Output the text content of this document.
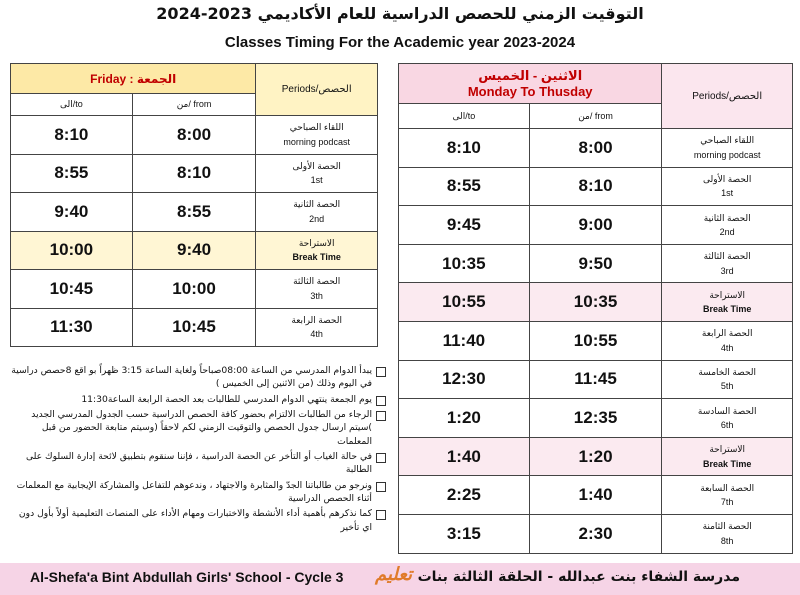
التوقيت الزمني للحصص الدراسية للعام الأكاديمي 2023-2024
Classes Timing For the Academic year 2023-2024
Friday : الجمعة		Periods/الحصص
الى/to	من/ from	
8:10	8:00	اللقاء الصباحي
morning podcast

8:55	8:10	الحصة الأولى
1st

9:40	8:55	الحصة الثانية
2nd

10:00	9:40	الاستراحة
Break Time

10:45	10:00	الحصة الثالثة
3th

11:30	10:45	الحصة الرابعة
4th
الاثنين - الخميس
Monday To Thusday		Periods/الحصص
الى/to	من/ from	
8:10	8:00	اللقاء الصباحي
morning podcast

8:55	8:10	الحصة الأولى
1st

9:45	9:00	الحصة الثانية
2nd

10:35	9:50	الحصة الثالثة
3rd

10:55	10:35	الاستراحة
Break Time

11:40	10:55	الحصة الرابعة
4th

12:30	11:45	الحصة الخامسة
5th

1:20	12:35	الحصة السادسة
6th

1:40	1:20	الاستراحة
Break Time

2:25	1:40	الحصة السابعة
7th

3:15	2:30	الحصة الثامنة
8th
يبدأ الدوام المدرسي من الساعة 08:00صباحاً ولغاية الساعة 3:15 ظهراً بو اقع 8حصص دراسية في اليوم وذلك (من الاثنين إلى الخميس )
يوم الجمعة ينتهي الدوام المدرسي للطالبات بعد الحصة الرابعة الساعة11:30
الرجاء من الطالبات الالتزام بحضور كافة الحصص الدراسية حسب الجدول المدرسي الجديد )سيتم ارسال جدول الحصص والتوقيت الزمني لكم لاحقاً (وسيتم متابعة الحضور من قبل المعلمات
في حالة الغياب أو التأخر عن الحصة الدراسية ، فإننا سنقوم بتطبيق لائحة إدارة السلوك على الطالبة
ونرجو من طالباتنا الجدّ والمثابرة والاجتهاد ، وندعوهم للتفاعل والمشاركة الإيجابية مع المعلمات أثناء الحصص الدراسية
كما نذكرهم بأهمية أداء الأنشطة والاختبارات ومهام الأداء على المنصات التعليمية أولاً بأول دون اي تأخير
Al-Shefa'a Bint Abdullah Girls' School - Cycle 3 تعليم مدرسة الشفاء بنت عبدالله - الحلقة الثالثة بنات
